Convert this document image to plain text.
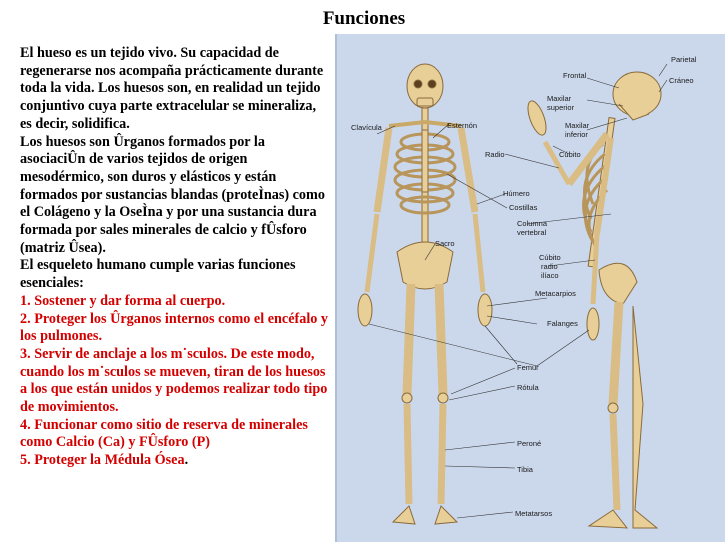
Funciones

El hueso es un tejido vivo. Su capacidad de regenerarse nos acompaña prácticamente durante toda la vida. Los huesos son, en realidad un tejido conjuntivo cuya parte extracelular se mineraliza, es decir, solidifica.

Los huesos son Ûrganos formados por la asociaciÛn de varios tejidos de origen mesodérmico, son duros y elásticos y están formados por sustancias blandas (proteÌnas) como el Colágeno y la OseÌna y por una sustancia dura formada por sales minerales de calcio y fÛsforo (matriz Ûsea).

El esqueleto humano cumple varias funciones esenciales:

1. Sostener y dar forma al cuerpo.

2. Proteger los Ûrganos internos como el encéfalo y los pulmones.

3. Servir de anclaje a los m˙sculos. De este modo, cuando los m˙sculos se mueven, tiran de los huesos a los que están unidos y podemos realizar todo tipo de movimientos.

4. Funcionar como sitio de reserva de minerales como Calcio (Ca) y FÛsforo (P)

5. Proteger la Médula Ósea.

Parietal
Cráneo
Frontal
Maxilar
superior
Maxilar
inferior
Clavícula	Esternón
Radio	Cúbito
Húmero
Costillas
Columna
vertebral
Sacro
Cúbito
radio
ilíaco
Metacarpios
Falanges
Femur
Rótula
Peroné
Tibia
Metatarsos
